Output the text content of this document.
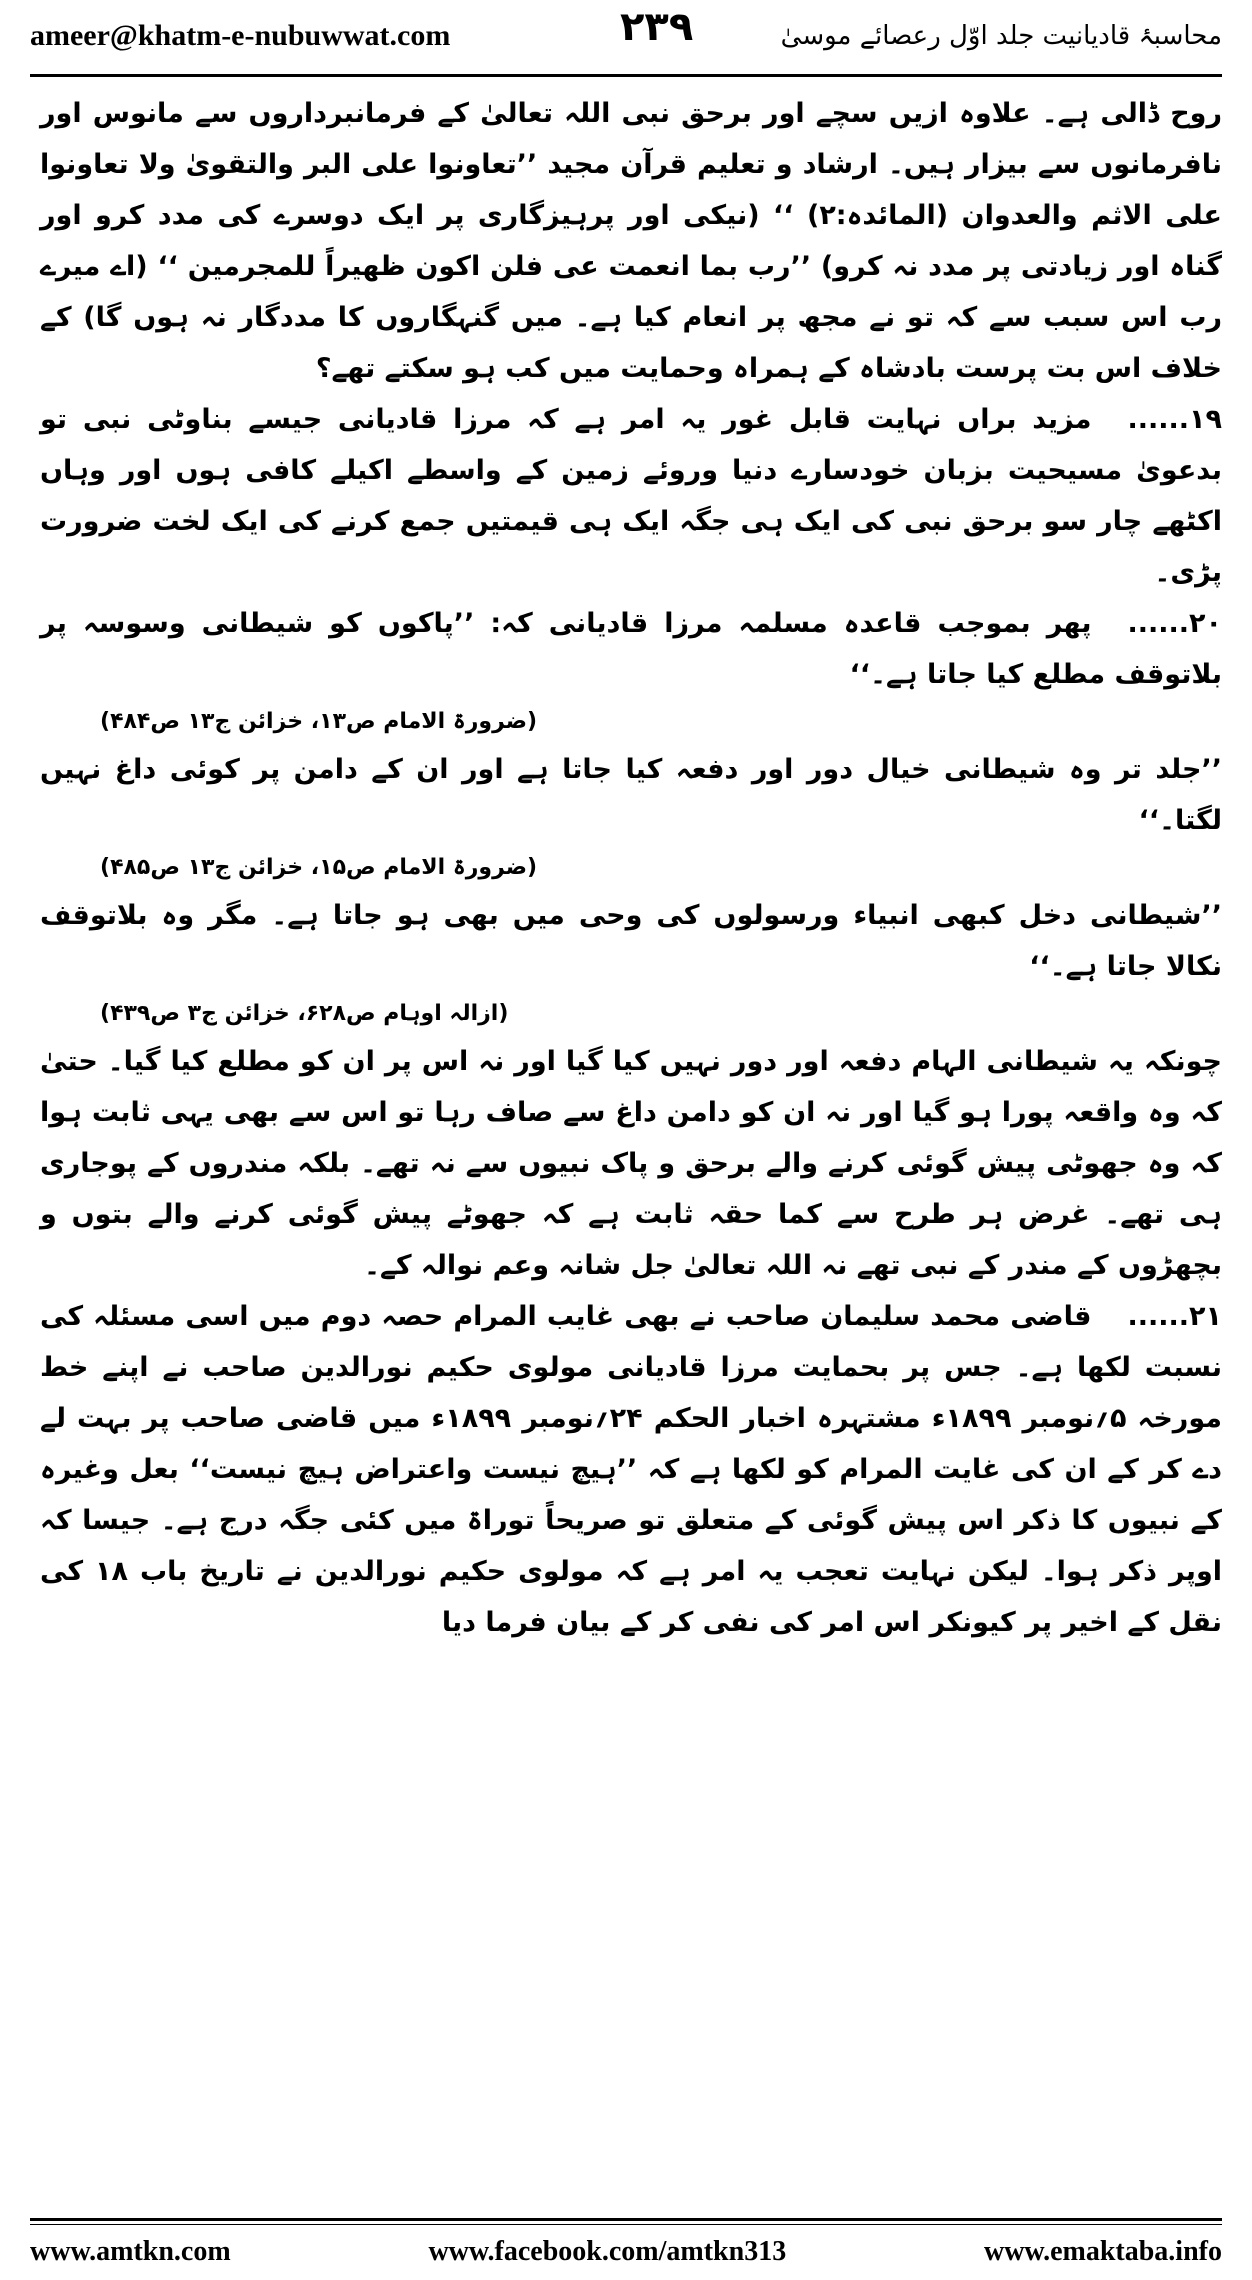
ameer@khatm-e-nubuwwat.com	۲۳۹	محاسبۂ قادیانیت جلد اوّل رعصائے موسیٰ

روح ڈالی ہے۔ علاوہ ازیں سچے اور برحق نبی اللہ تعالیٰ کے فرمانبرداروں سے مانوس اور نافرمانوں سے بیزار ہیں۔ ارشاد و تعلیم قرآن مجید ’’تعاونوا علی البر والتقوىٰ ولا تعاونوا علی الاثم والعدوان (المائدہ:۲) ‘‘ (نیکی اور پرہیزگاری پر ایک دوسرے کی مدد کرو اور گناہ اور زیادتی پر مدد نہ کرو) ’’رب بما انعمت عی فلن اکون ظھیراً للمجرمین ‘‘ (اے میرے رب اس سبب سے کہ تو نے مجھ پر انعام کیا ہے۔ میں گنہگاروں کا مددگار نہ ہوں گا) کے خلاف اس بت پرست بادشاہ کے ہمراہ وحمایت میں کب ہو سکتے تھے؟

۱۹......مزید براں نہایت قابل غور یہ امر ہے کہ مرزا قادیانی جیسے بناوٹی نبی تو بدعویٰ مسیحیت بزبان خودسارے دنیا وروئے زمین کے واسطے اکیلے کافی ہوں اور وہاں اکٹھے چار سو برحق نبی کی ایک ہی جگہ ایک ہی قیمتیں جمع کرنے کی ایک لخت ضرورت پڑی۔

۲۰......پھر بموجب قاعدہ مسلمہ مرزا قادیانی کہ: ’’پاکوں کو شیطانی وسوسہ پر بلاتوقف مطلع کیا جاتا ہے۔‘‘

(ضرورۃ الامام ص۱۳، خزائن ج۱۳ ص۴۸۴)

’’جلد تر وہ شیطانی خیال دور اور دفعہ کیا جاتا ہے اور ان کے دامن پر کوئی داغ نہیں لگتا۔‘‘

(ضرورۃ الامام ص۱۵، خزائن ج۱۳ ص۴۸۵)

’’شیطانی دخل کبھی انبیاء ورسولوں کی وحی میں بھی ہو جاتا ہے۔ مگر وہ بلاتوقف نکالا جاتا ہے۔‘‘

(ازالہ اوہام ص۶۲۸، خزائن ج۳ ص۴۳۹)

چونکہ یہ شیطانی الہام دفعہ اور دور نہیں کیا گیا اور نہ اس پر ان کو مطلع کیا گیا۔ حتیٰ کہ وہ واقعہ پورا ہو گیا اور نہ ان کو دامن داغ سے صاف رہا تو اس سے بھی یہی ثابت ہوا کہ وہ جھوٹی پیش گوئی کرنے والے برحق و پاک نبیوں سے نہ تھے۔ بلکہ مندروں کے پوجاری ہی تھے۔ غرض ہر طرح سے کما حقہ ثابت ہے کہ جھوٹے پیش گوئی کرنے والے بتوں و بچھڑوں کے مندر کے نبی تھے نہ اللہ تعالیٰ جل شانہ وعم نوالہ کے۔

۲۱......قاضی محمد سلیمان صاحب نے بھی غایب المرام حصہ دوم میں اسی مسئلہ کی نسبت لکھا ہے۔ جس پر بحمایت مرزا قادیانی مولوی حکیم نورالدین صاحب نے اپنے خط مورخہ ۵؍نومبر ۱۸۹۹ء مشتہرہ اخبار الحکم ۲۴؍نومبر ۱۸۹۹ء میں قاضی صاحب پر بہت لے دے کر کے ان کی غایت المرام کو لکھا ہے کہ ’’ہیچ نیست واعتراض ہیچ نیست‘‘ بعل وغیرہ کے نبیوں کا ذکر اس پیش گوئی کے متعلق تو صریحاً توراۃ میں کئی جگہ درج ہے۔ جیسا کہ اوپر ذکر ہوا۔ لیکن نہایت تعجب یہ امر ہے کہ مولوی حکیم نورالدین نے تاریخ باب ۱۸ کی نقل کے اخیر پر کیونکر اس امر کی نفی کر کے بیان فرما دیا

www.amtkn.com	www.facebook.com/amtkn313	www.emaktaba.info
